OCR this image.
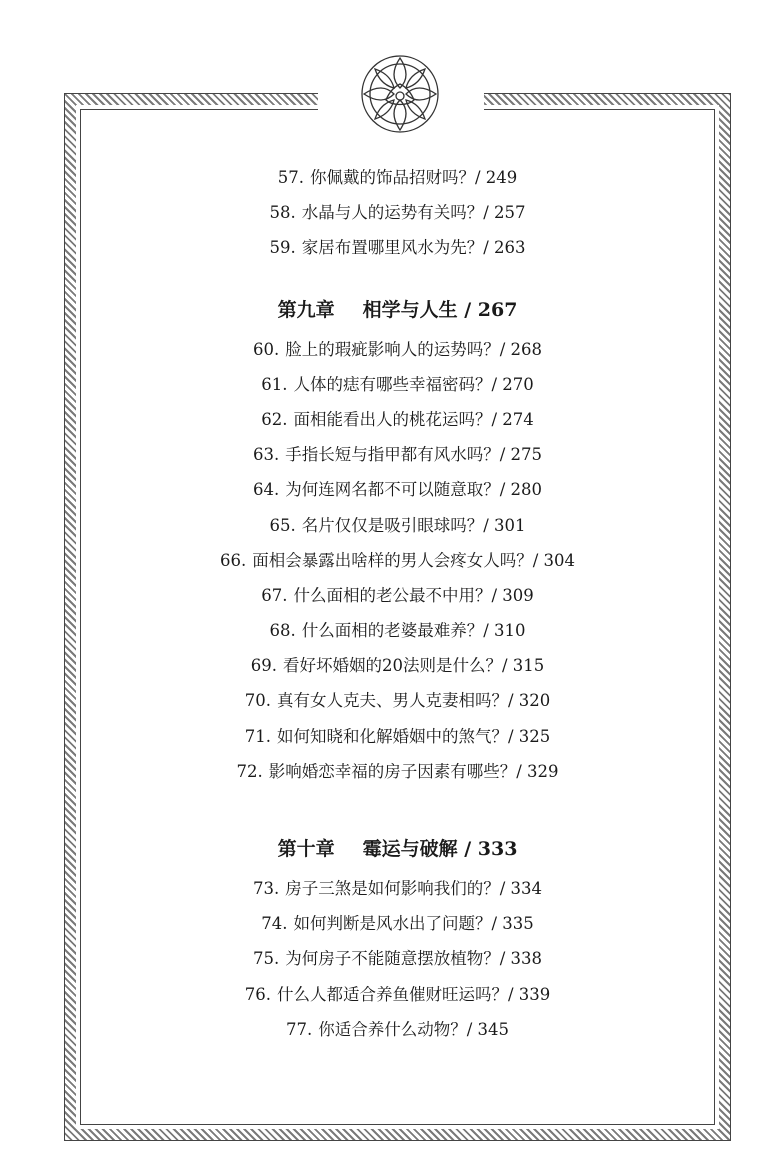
57. 你佩戴的饰品招财吗？/ 249
58. 水晶与人的运势有关吗？/ 257
59. 家居布置哪里风水为先？/ 263
第九章 相学与人生 / 267
60. 脸上的瑕疵影响人的运势吗？/ 268
61. 人体的痣有哪些幸福密码？/ 270
62. 面相能看出人的桃花运吗？/ 274
63. 手指长短与指甲都有风水吗？/ 275
64. 为何连网名都不可以随意取？/ 280
65. 名片仅仅是吸引眼球吗？/ 301
66. 面相会暴露出啥样的男人会疼女人吗？/ 304
67. 什么面相的老公最不中用？/ 309
68. 什么面相的老婆最难养？/ 310
69. 看好坏婚姻的20法则是什么？/ 315
70. 真有女人克夫、男人克妻相吗？/ 320
71. 如何知晓和化解婚姻中的煞气？/ 325
72. 影响婚恋幸福的房子因素有哪些？/ 329
第十章 霉运与破解 / 333
73. 房子三煞是如何影响我们的？/ 334
74. 如何判断是风水出了问题？/ 335
75. 为何房子不能随意摆放植物？/ 338
76. 什么人都适合养鱼催财旺运吗？/ 339
77. 你适合养什么动物？/ 345
